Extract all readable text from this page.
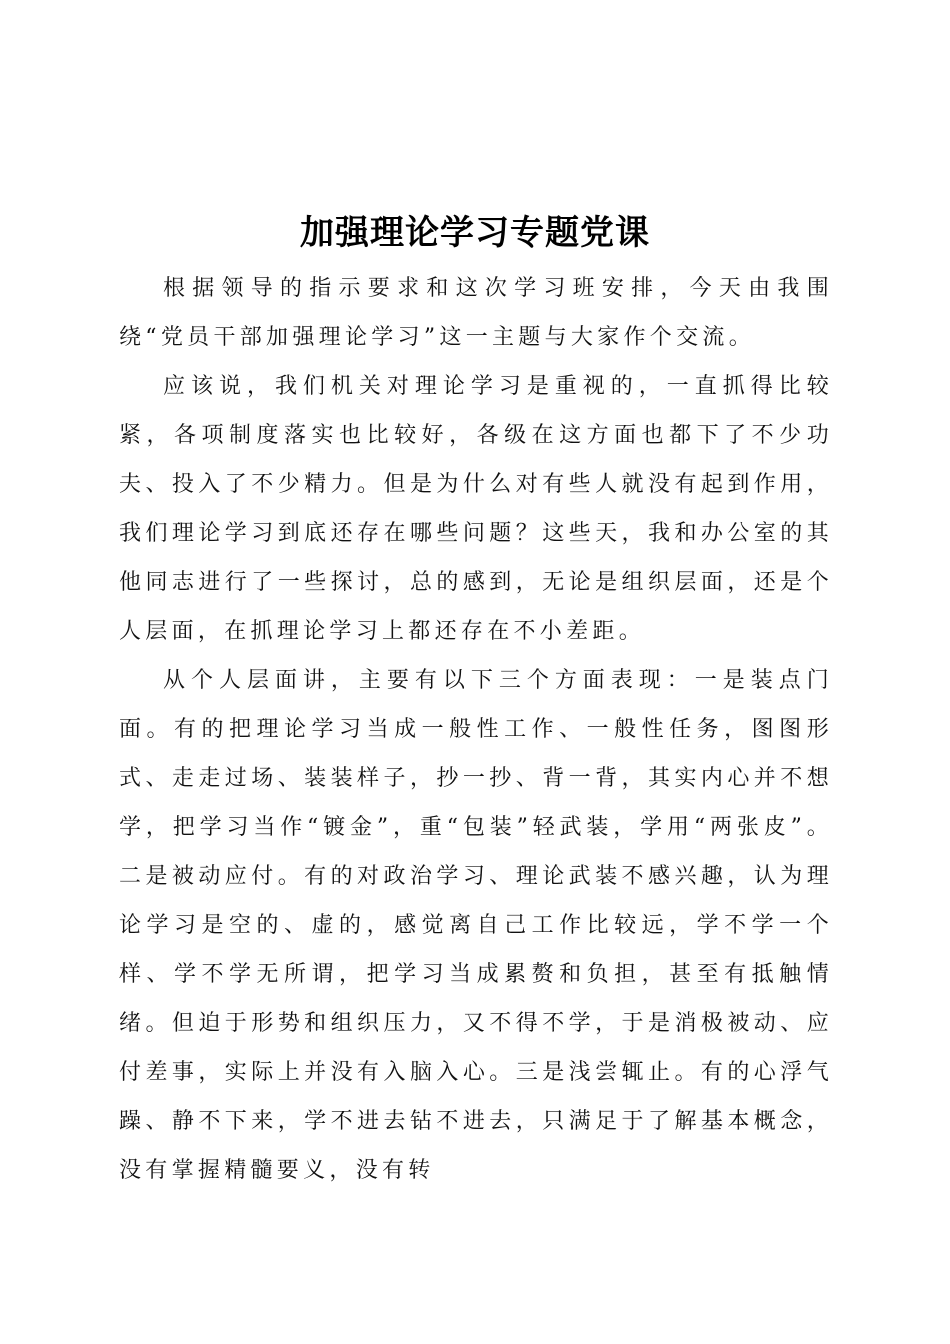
加强理论学习专题党课

根据领导的指示要求和这次学习班安排，今天由我围绕“党员干部加强理论学习”这一主题与大家作个交流。

应该说，我们机关对理论学习是重视的，一直抓得比较紧，各项制度落实也比较好，各级在这方面也都下了不少功夫、投入了不少精力。但是为什么对有些人就没有起到作用，我们理论学习到底还存在哪些问题？这些天，我和办公室的其他同志进行了一些探讨，总的感到，无论是组织层面，还是个人层面，在抓理论学习上都还存在不小差距。

从个人层面讲，主要有以下三个方面表现：一是装点门面。有的把理论学习当成一般性工作、一般性任务，图图形式、走走过场、装装样子，抄一抄、背一背，其实内心并不想学，把学习当作“镀金”，重“包装”轻武装，学用“两张皮”。二是被动应付。有的对政治学习、理论武装不感兴趣，认为理论学习是空的、虚的，感觉离自己工作比较远，学不学一个样、学不学无所谓，把学习当成累赘和负担，甚至有抵触情绪。但迫于形势和组织压力，又不得不学，于是消极被动、应付差事，实际上并没有入脑入心。三是浅尝辄止。有的心浮气躁、静不下来，学不进去钻不进去，只满足于了解基本概念，没有掌握精髓要义，没有转
